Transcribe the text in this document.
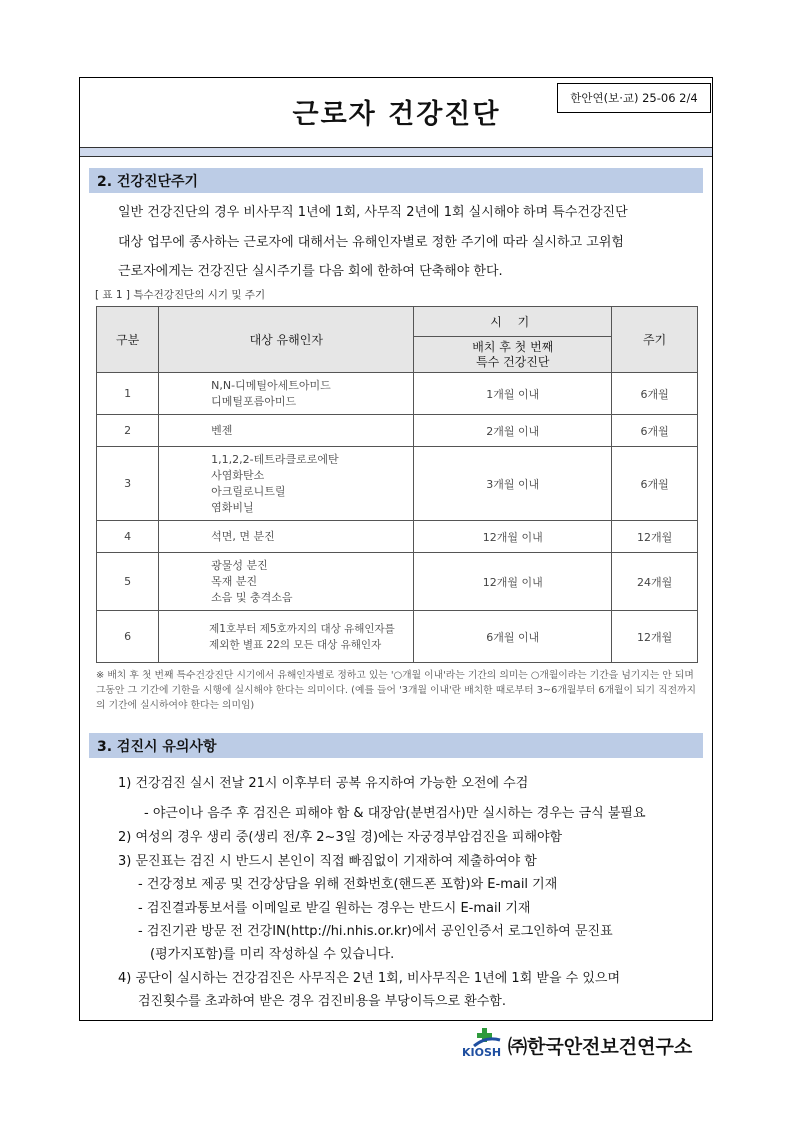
한안연(보·교) 25-06 2/4
근로자 건강진단
2. 건강진단주기
일반 건강진단의 경우 비사무직 1년에 1회, 사무직 2년에 1회 실시해야 하며 특수건강진단
대상 업무에 종사하는 근로자에 대해서는 유해인자별로 정한 주기에 따라 실시하고 고위험
근로자에게는 건강진단 실시주기를 다음 회에 한하여 단축해야 한다.
[ 표 1 ] 특수건강진단의 시기 및 주기
구분	대상 유해인자	시 기	주기
		배치 후 첫 번째
특수 건강진단	
1	N,N-디메틸아세트아미드
디메틸포름아미드	1개월 이내	6개월
2	벤젠	2개월 이내	6개월
3	1,1,2,2-테트라클로로에탄
사염화탄소
아크릴로니트릴
염화비닐	3개월 이내	6개월
4	석면, 면 분진	12개월 이내	12개월
5	광물성 분진
목재 분진
소음 및 충격소음	12개월 이내	24개월
6	제1호부터 제5호까지의 대상 유해인자를
제외한 별표 22의 모든 대상 유해인자	6개월 이내	12개월
※ 배치 후 첫 번째 특수건강진단 시기에서 유해인자별로 정하고 있는 '○개월 이내'라는 기간의 의미는 ○개월이라는 기간을 넘기지는 안 되며 그동안 그 기간에 기한을 시행에 실시해야 한다는 의미이다. (예를 들어 '3개월 이내'란 배치한 때로부터 3~6개월부터 6개월이 되기 직전까지의 기간에 실시하여야 한다는 의미임)
3. 검진시 유의사항
1) 건강검진 실시 전날 21시 이후부터 공복 유지하여 가능한 오전에 수검
- 야근이나 음주 후 검진은 피해야 함 & 대장암(분변검사)만 실시하는 경우는 금식 불필요
2) 여성의 경우 생리 중(생리 전/후 2~3일 경)에는 자궁경부암검진을 피해야함
3) 문진표는 검진 시 반드시 본인이 직접 빠짐없이 기재하여 제출하여야 함
- 건강정보 제공 및 건강상담을 위해 전화번호(핸드폰 포함)와 E-mail 기재
- 검진결과통보서를 이메일로 받길 원하는 경우는 반드시 E-mail 기재
- 검진기관 방문 전 건강IN(http://hi.nhis.or.kr)에서 공인인증서 로그인하여 문진표
(평가지포함)를 미리 작성하실 수 있습니다.
4) 공단이 실시하는 건강검진은 사무직은 2년 1회, 비사무직은 1년에 1회 받을 수 있으며
검진횟수를 초과하여 받은 경우 검진비용을 부당이득으로 환수함.
KIOSH ㈜한국안전보건연구소
